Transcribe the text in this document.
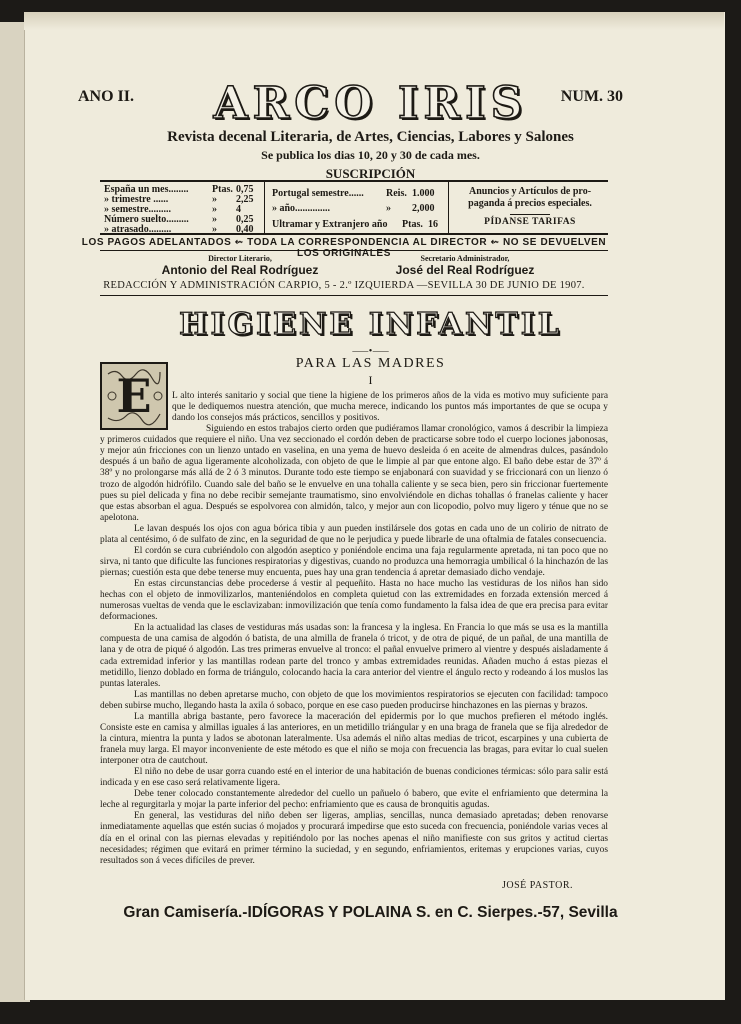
ANO II.	ARCO IRIS	NUM. 30
Revista decenal Literaria, de Artes, Ciencias, Labores y Salones
Se publica los dias 10, 20 y 30 de cada mes.
SUSCRIPCIÓN
España un mes........ Ptas. 0,75
» trimestre ......	» 2,25
» semestre.........	» 4
Número suelto......... » 0,25
» atrasado.........	» 0,40
Portugal semestre...... Reis. 1.000
» año..............	» 2,000
Ultramar y Extranjero año Ptas. 16
Anuncios y Artículos de pro-
paganda á precios especiales.
PÍDANSE TARIFAS
LOS PAGOS ADELANTADOS ⇜ TODA LA CORRESPONDENCIA AL DIRECTOR ⇜ NO SE DEVUELVEN LOS ORIGINALES
Director Literario,
Antonio del Real Rodríguez
Secretario Administrador,
José del Real Rodríguez
REDACCIÓN Y ADMINISTRACIÓN CARPIO, 5 - 2.º IZQUIERDA —SEVILLA 30 DE JUNIO DE 1907.
HIGIENE INFANTIL
⸺•⸺
PARA LAS MADRES
I
E	L alto interés sanitario y social que tiene la higiene de los primeros años de la vida es motivo muy suficiente para que le dediquemos nuestra atención, que mucha merece, indicando los puntos más importantes de que se ocupa y dando los consejos más prácticos, sencillos y positivos.

Siguiendo en estos trabajos cierto orden que pudiéramos llamar cronológico, vamos á describir la limpieza y primeros cuidados que requiere el niño. Una vez seccionado el cordón deben de practicarse sobre todo el cuerpo lociones jabonosas, y mejor aún fricciones con un lienzo untado en vaselina, en una yema de huevo desleida ó en aceite de almendras dulces, pasándolo después á un baño de agua ligeramente alcoholizada, con objeto de que le limpie al par que entone algo. El baño debe estar de 37º á 38º y no prolongarse más allá de 2 ó 3 minutos. Durante todo este tiempo se enjabonará con suavidad y se friccionará con un lienzo ó trozo de algodón hidrófilo. Cuando sale del baño se le envuelve en una tohalla caliente y se seca bien, pero sin friccionar fuertemente pues su piel delicada y fina no debe recibir semejante traumatismo, sino envolviéndole en dichas tohallas ó franelas caliente y hacer que estas absorban el agua. Después se espolvorea con almidón, talco, y mejor aun con licopodio, polvo muy ligero y ténue que no se apelotona.

Le lavan después los ojos con agua bórica tibia y aun pueden instilársele dos gotas en cada uno de un colirio de nitrato de plata al centésimo, ó de sulfato de zinc, en la seguridad de que no le perjudica y puede librarle de una oftalmia de fatales consecuencia.

El cordón se cura cubriéndolo con algodón aseptico y poniéndole encima una faja regularmente apretada, ni tan poco que no sirva, ni tanto que dificulte las funciones respiratorias y digestivas, cuando no produzca una hemorragia umbilical ó la hinchazón de las piernas; cuestión esta que debe tenerse muy encuenta, pues hay una gran tendencia á apretar demasiado dicho vendaje.

En estas circunstancias debe procederse á vestir al pequeñito. Hasta no hace mucho las vestiduras de los niños han sido hechas con el objeto de inmovilizarlos, manteniéndolos en completa quietud con las extremidades en forzada extensión merced á numerosas vueltas de venda que le esclavizaban: inmovilización que tenía como fundamento la falsa idea de que era precisa para evitar deformaciones.

En la actualidad las clases de vestiduras más usadas son: la francesa y la inglesa. En Francia lo que más se usa es la mantilla compuesta de una camisa de algodón ó batista, de una almilla de franela ó tricot, y de otra de piqué, de un pañal, de una mantilla de lana y de otra de piqué ó algodón. Las tres primeras envuelve al tronco: el pañal envuelve primero al vientre y después aisladamente á cada extremidad inferior y las mantillas rodean parte del tronco y ambas extremidades reunidas. Añaden mucho á estas piezas el metidillo, lienzo doblado en forma de triángulo, colocando hacia la cara anterior del vientre el ángulo recto y rodeando á los muslos las puntas laterales.

Las mantillas no deben apretarse mucho, con objeto de que los movimientos respiratorios se ejecuten con facilidad: tampoco deben subirse mucho, llegando hasta la axila ó sobaco, porque en ese caso pueden producirse hinchazones en las piernas y brazos.

La mantilla abriga bastante, pero favorece la maceración del epidermis por lo que muchos prefieren el método inglés. Consiste este en camisa y almillas iguales á las anteriores, en un metidillo triángular y en una braga de franela que se fija alrededor de la cintura, mientra la punta y lados se abotonan lateralmente. Usa además el niño altas medias de tricot, escarpines y una cubierta de franela muy larga. El mayor inconveniente de este método es que el niño se moja con frecuencia las bragas, para evitar lo cual suelen interponer otra de cautchout.

El niño no debe de usar gorra cuando esté en el interior de una habitación de buenas condiciones térmicas: sólo para salir está indicada y en ese caso será relativamente ligera.

Debe tener colocado constantemente alrededor del cuello un pañuelo ó babero, que evite el enfriamiento que determina la leche al regurgitarla y mojar la parte inferior del pecho: enfriamiento que es causa de bronquitis agudas.

En general, las vestiduras del niño deben ser ligeras, amplias, sencillas, nunca demasiado apretadas; deben renovarse inmediatamente aquellas que estén sucias ó mojados y procurará impedirse que esto suceda con frecuencia, poniéndole varias veces al día en el orinal con las piernas elevadas y repitiéndolo por las noches apenas el niño manifieste con sus gritos y actitud ciertas necesidades; régimen que evitará en primer término la suciedad, y en segundo, enfriamientos, eritemas y erupciones varias, cuyos resultados son á veces difíciles de prever.

JOSÉ PASTOR.
Gran Camisería.-IDÍGORAS Y POLAINA S. en C. Sierpes.-57, Sevilla
